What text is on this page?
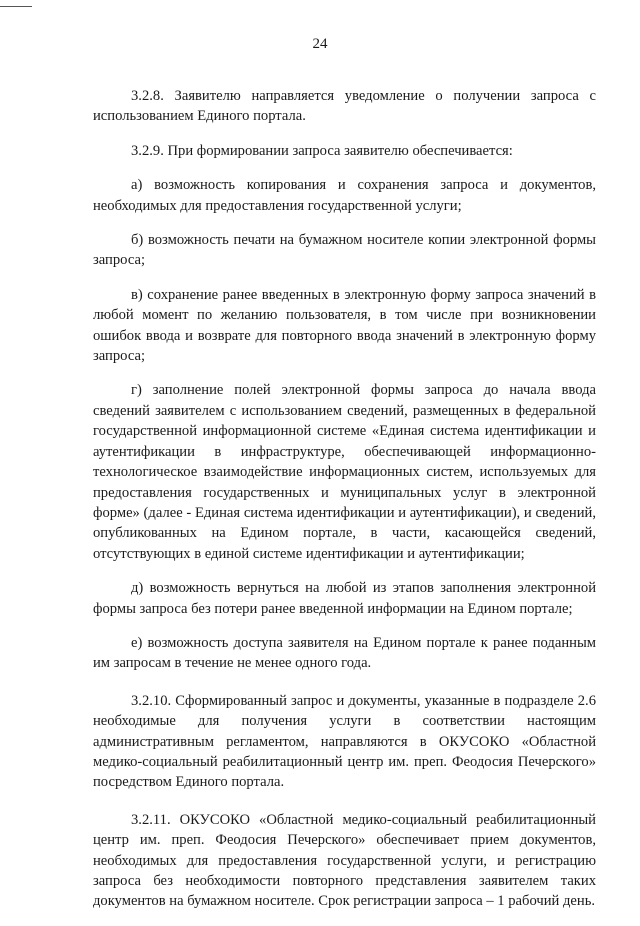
24

3.2.8. Заявителю направляется уведомление о получении запроса с использованием Единого портала.

3.2.9. При формировании запроса заявителю обеспечивается:

а) возможность копирования и сохранения запроса и документов, необходимых для предоставления государственной услуги;

б) возможность печати на бумажном носителе копии электронной формы запроса;

в) сохранение ранее введенных в электронную форму запроса значений в любой момент по желанию пользователя, в том числе при возникновении ошибок ввода и возврате для повторного ввода значений в электронную форму запроса;

г) заполнение полей электронной формы запроса до начала ввода сведений заявителем с использованием сведений, размещенных в федеральной государственной информационной системе «Единая система идентификации и аутентификации в инфраструктуре, обеспечивающей информационно-технологическое взаимодействие информационных систем, используемых для предоставления государственных и муниципальных услуг в электронной форме» (далее - Единая система идентификации и аутентификации), и сведений, опубликованных на Едином портале, в части, касающейся сведений, отсутствующих в единой системе идентификации и аутентификации;

д) возможность вернуться на любой из этапов заполнения электронной формы запроса без потери ранее введенной информации на Едином портале;

е) возможность доступа заявителя на Едином портале к ранее поданным им запросам в течение не менее одного года.

3.2.10. Сформированный запрос и документы, указанные в подразделе 2.6 необходимые для получения услуги в соответствии настоящим административным регламентом, направляются в ОКУСОКО «Областной медико-социальный реабилитационный центр им. преп. Феодосия Печерского» посредством Единого портала.

3.2.11. ОКУСОКО «Областной медико-социальный реабилитационный центр им. преп. Феодосия Печерского» обеспечивает прием документов, необходимых для предоставления государственной услуги, и регистрацию запроса без необходимости повторного представления заявителем таких документов на бумажном носителе. Срок регистрации запроса – 1 рабочий день.
